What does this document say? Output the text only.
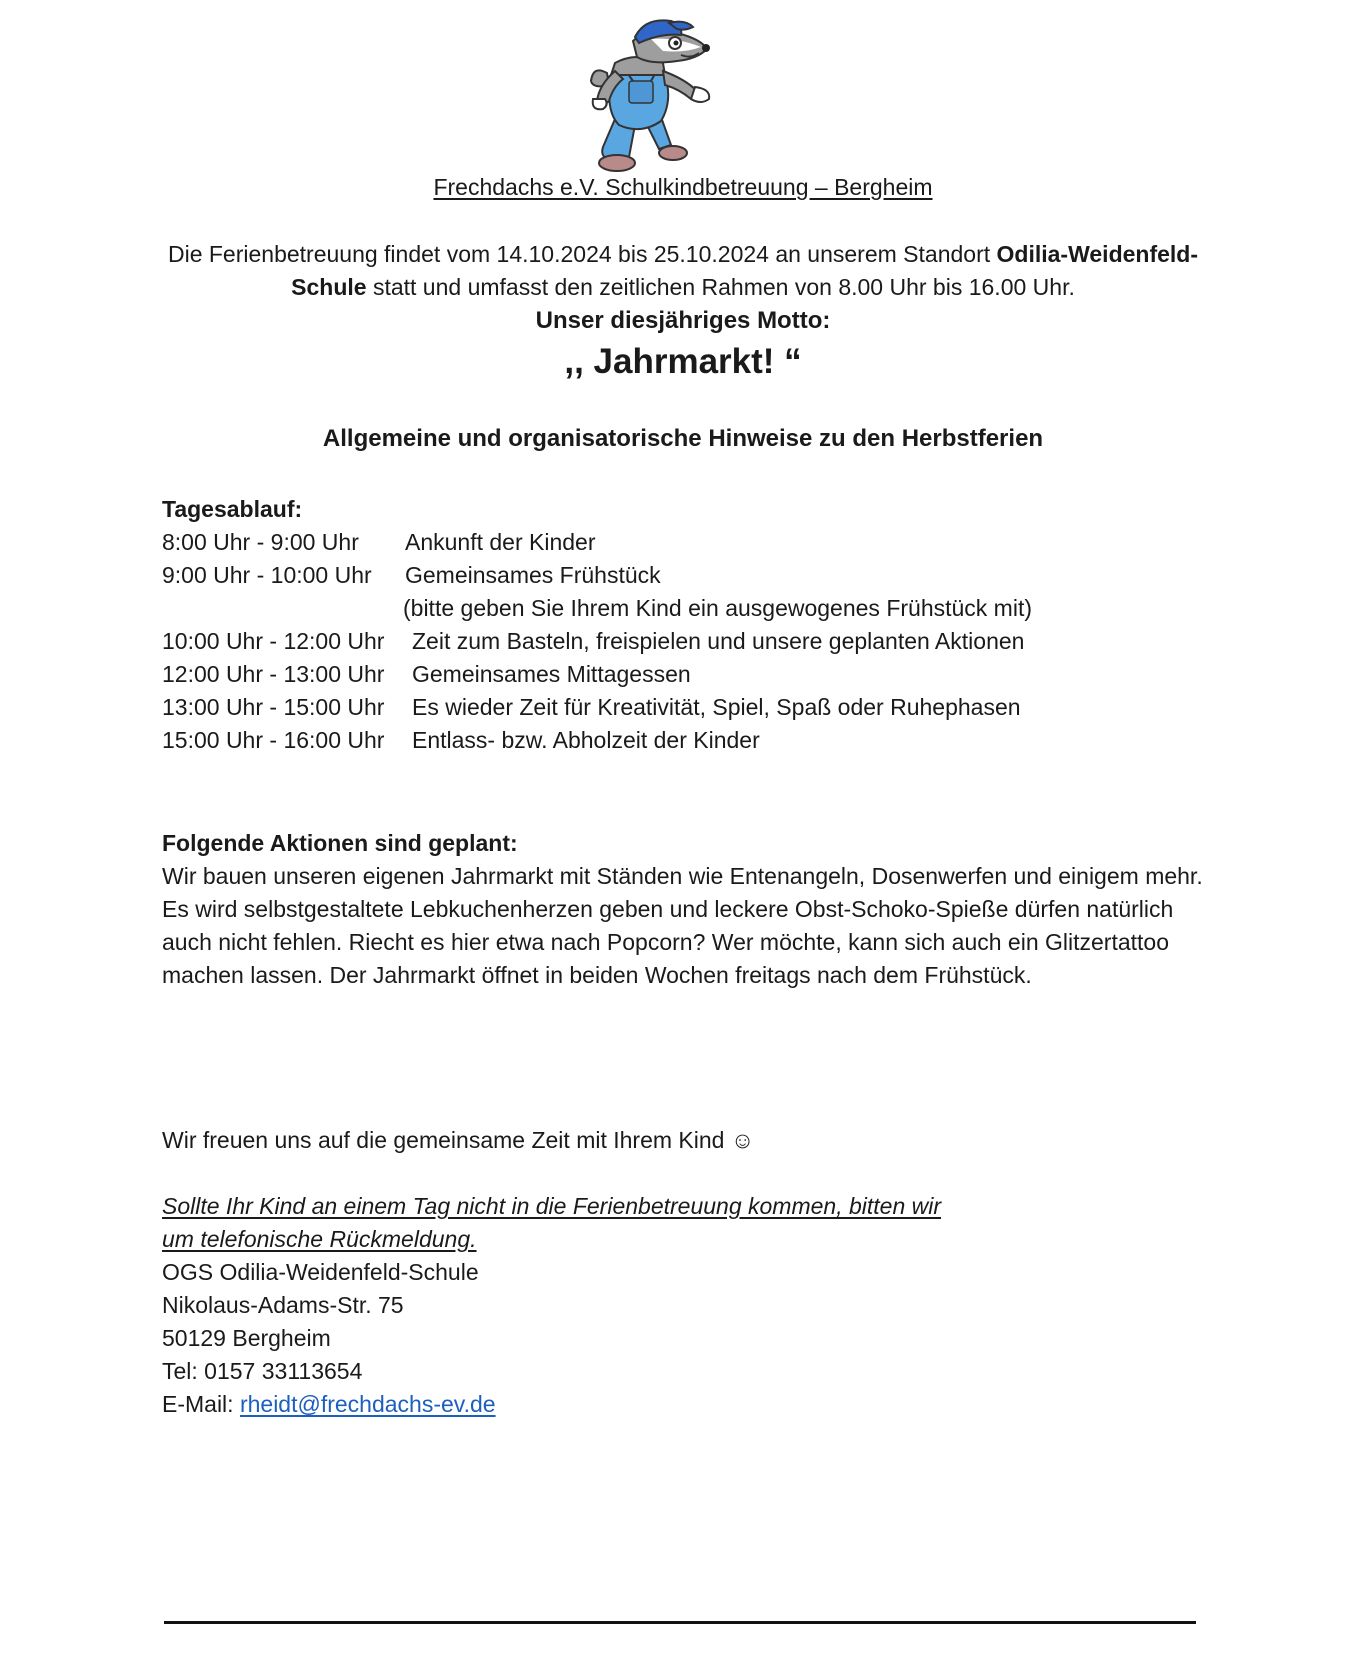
Frechdachs e.V. Schulkindbetreuung – Bergheim
Die Ferienbetreuung findet vom 14.10.2024 bis 25.10.2024 an unserem Standort Odilia-Weidenfeld-Schule statt und umfasst den zeitlichen Rahmen von 8.00 Uhr bis 16.00 Uhr.
Unser diesjähriges Motto:
,, Jahrmarkt! “
Allgemeine und organisatorische Hinweise zu den Herbstferien
Tagesablauf:
8:00 Uhr - 9:00 Uhr Ankunft der Kinder
9:00 Uhr - 10:00 Uhr Gemeinsames Frühstück
(bitte geben Sie Ihrem Kind ein ausgewogenes Frühstück mit)
10:00 Uhr - 12:00 Uhr Zeit zum Basteln, freispielen und unsere geplanten Aktionen
12:00 Uhr - 13:00 Uhr Gemeinsames Mittagessen
13:00 Uhr - 15:00 Uhr Es wieder Zeit für Kreativität, Spiel, Spaß oder Ruhephasen
15:00 Uhr - 16:00 Uhr Entlass- bzw. Abholzeit der Kinder
Folgende Aktionen sind geplant:

Wir bauen unseren eigenen Jahrmarkt mit Ständen wie Entenangeln, Dosenwerfen und einigem mehr.

Es wird selbstgestaltete Lebkuchenherzen geben und leckere Obst-Schoko-Spieße dürfen natürlich auch nicht fehlen. Riecht es hier etwa nach Popcorn? Wer möchte, kann sich auch ein Glitzertattoo machen lassen. Der Jahrmarkt öffnet in beiden Wochen freitags nach dem Frühstück.

Wir freuen uns auf die gemeinsame Zeit mit Ihrem Kind ☺
Sollte Ihr Kind an einem Tag nicht in die Ferienbetreuung kommen, bitten wir
um telefonische Rückmeldung.
OGS Odilia-Weidenfeld-Schule
Nikolaus-Adams-Str. 75
50129 Bergheim
Tel: 0157 33113654
E-Mail: rheidt@frechdachs-ev.de
